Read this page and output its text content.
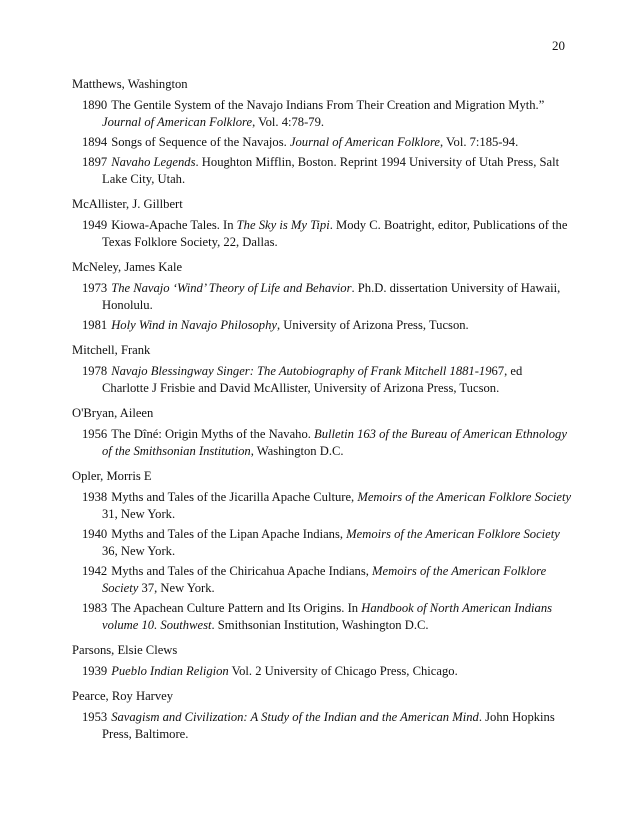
20
Matthews, Washington
1890 The Gentile System of the Navajo Indians From Their Creation and Migration Myth.” Journal of American Folklore, Vol. 4:78-79.
1894 Songs of Sequence of the Navajos. Journal of American Folklore, Vol. 7:185-94.
1897 Navaho Legends. Houghton Mifflin, Boston. Reprint 1994 University of Utah Press, Salt Lake City, Utah.
McAllister, J. Gillbert
1949 Kiowa-Apache Tales. In The Sky is My Tipi. Mody C. Boatright, editor, Publications of the Texas Folklore Society, 22, Dallas.
McNeley, James Kale
1973 The Navajo ‘Wind’ Theory of Life and Behavior. Ph.D. dissertation University of Hawaii, Honolulu.
1981 Holy Wind in Navajo Philosophy, University of Arizona Press, Tucson.
Mitchell, Frank
1978 Navajo Blessingway Singer: The Autobiography of Frank Mitchell 1881-1967, ed Charlotte J Frisbie and David McAllister, University of Arizona Press, Tucson.
O'Bryan, Aileen
1956 The Dîné: Origin Myths of the Navaho. Bulletin 163 of the Bureau of American Ethnology of the Smithsonian Institution, Washington D.C.
Opler, Morris E
1938 Myths and Tales of the Jicarilla Apache Culture, Memoirs of the American Folklore Society 31, New York.
1940 Myths and Tales of the Lipan Apache Indians, Memoirs of the American Folklore Society 36, New York.
1942 Myths and Tales of the Chiricahua Apache Indians, Memoirs of the American Folklore Society 37, New York.
1983 The Apachean Culture Pattern and Its Origins. In Handbook of North American Indians volume 10. Southwest. Smithsonian Institution, Washington D.C.
Parsons, Elsie Clews
1939 Pueblo Indian Religion Vol. 2 University of Chicago Press, Chicago.
Pearce, Roy Harvey
1953 Savagism and Civilization: A Study of the Indian and the American Mind. John Hopkins Press, Baltimore.
